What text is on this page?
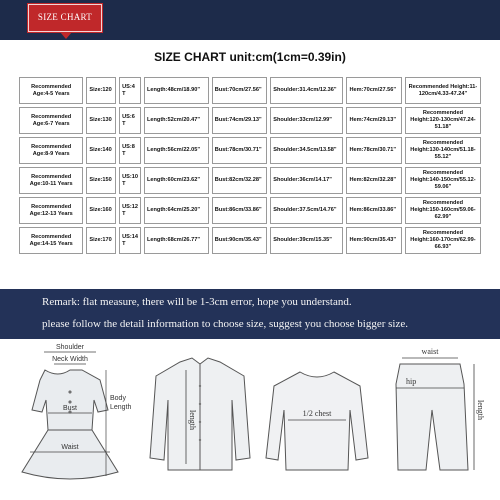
SIZE CHART
SIZE CHART unit:cm(1cm=0.39in)
Recommended Age:4-5 Years	Size:120	US:4 T	Length:48cm/18.90"	Bust:70cm/27.56"	Shoulder:31.4cm/12.36"	Hem:70cm/27.56"	Recommended Height:11-120cm/4.33-47.24"
Recommended Age:6-7 Years	Size:130	US:6 T	Length:52cm/20.47"	Bust:74cm/29.13"	Shoulder:33cm/12.99"	Hem:74cm/29.13"	Recommended Height:120-130cm/47.24-51.18"
Recommended Age:8-9 Years	Size:140	US:8 T	Length:56cm/22.05"	Bust:78cm/30.71"	Shoulder:34.5cm/13.58"	Hem:78cm/30.71"	Recommended Height:130-140cm/51.18-55.12"
Recommended Age:10-11 Years	Size:150	US:10 T	Length:60cm/23.62"	Bust:82cm/32.28"	Shoulder:36cm/14.17"	Hem:82cm/32.28"	Recommended Height:140-150cm/55.12-59.06"
Recommended Age:12-13 Years	Size:160	US:12 T	Length:64cm/25.20"	Bust:86cm/33.86"	Shoulder:37.5cm/14.76"	Hem:86cm/33.86"	Recommended Height:150-160cm/59.06-62.99"
Recommended Age:14-15 Years	Size:170	US:14 T	Length:68cm/26.77"	Bust:90cm/35.43"	Shoulder:39cm/15.35"	Hem:90cm/35.43"	Recommended Height:160-170cm/62.99-66.93"
Remark: flat measure, there will be 1-3cm error, hope you understand.
please follow the detail information to choose size, suggest you choose bigger size.
Shoulder
Neck Width
Bust
Waist
Body
Length
length	1/2 chest
waist
hip
length
